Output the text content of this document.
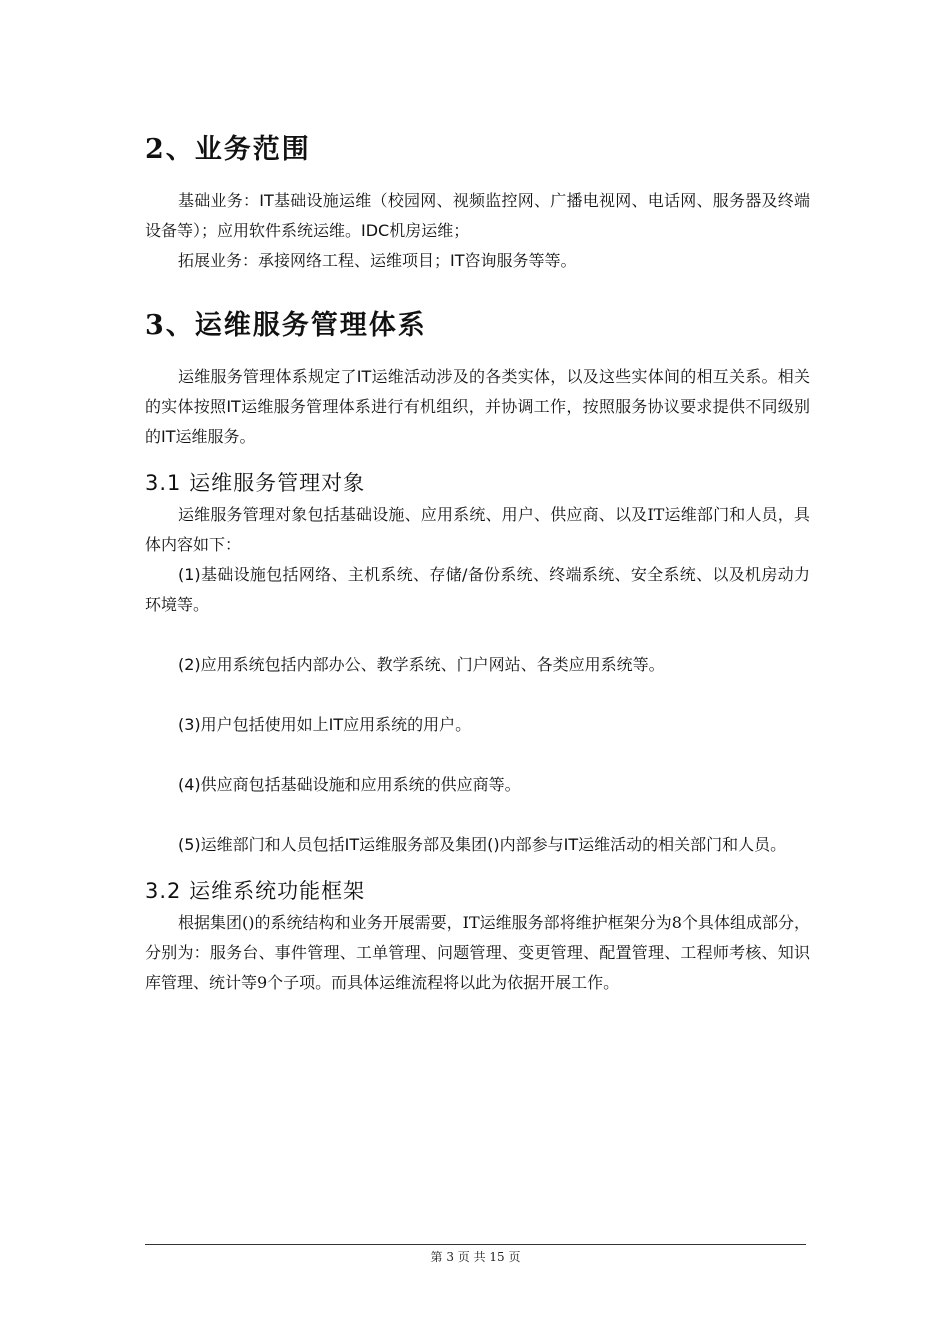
2、业务范围

基础业务：IT基础设施运维（校园网、视频监控网、广播电视网、电话网、服务器及终端设备等）；应用软件系统运维。IDC机房运维；

拓展业务：承接网络工程、运维项目；IT咨询服务等等。

3、运维服务管理体系

运维服务管理体系规定了IT运维活动涉及的各类实体，以及这些实体间的相互关系。相关的实体按照IT运维服务管理体系进行有机组织，并协调工作，按照服务协议要求提供不同级别的IT运维服务。

3.1 运维服务管理对象

运维服务管理对象包括基础设施、应用系统、用户、供应商、以及IT运维部门和人员，具体内容如下：

(1)基础设施包括网络、主机系统、存储/备份系统、终端系统、安全系统、以及机房动力环境等。

(2)应用系统包括内部办公、教学系统、门户网站、各类应用系统等。

(3)用户包括使用如上IT应用系统的用户。

(4)供应商包括基础设施和应用系统的供应商等。

(5)运维部门和人员包括IT运维服务部及集团()内部参与IT运维活动的相关部门和人员。

3.2 运维系统功能框架

根据集团()的系统结构和业务开展需要，IT运维服务部将维护框架分为8个具体组成部分，分别为：服务台、事件管理、工单管理、问题管理、变更管理、配置管理、工程师考核、知识库管理、统计等9个子项。而具体运维流程将以此为依据开展工作。

第 3 页 共 15 页
